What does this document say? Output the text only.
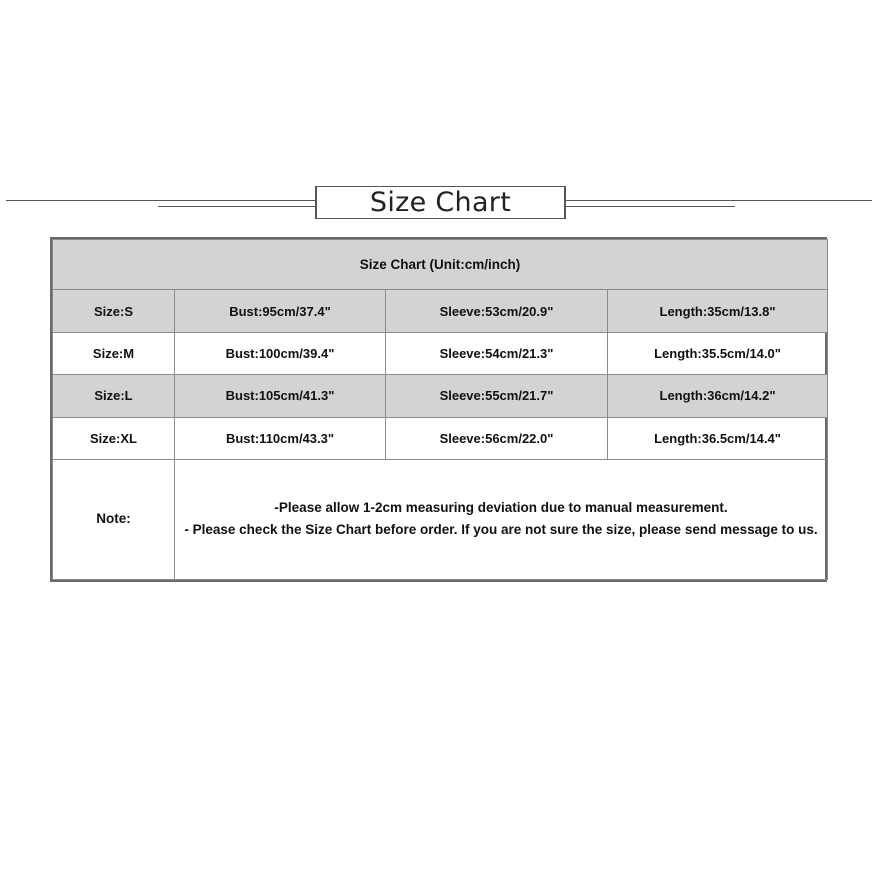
Size Chart
Size Chart (Unit:cm/inch)			
Size:S	Bust:95cm/37.4"	Sleeve:53cm/20.9"	Length:35cm/13.8"
Size:M	Bust:100cm/39.4"	Sleeve:54cm/21.3"	Length:35.5cm/14.0"
Size:L	Bust:105cm/41.3"	Sleeve:55cm/21.7"	Length:36cm/14.2"
Size:XL	Bust:110cm/43.3"	Sleeve:56cm/22.0"	Length:36.5cm/14.4"
Note:	-Please allow 1-2cm measuring deviation due to manual measurement.
- Please check the Size Chart before order. If you are not sure the size, please send message to us.		
